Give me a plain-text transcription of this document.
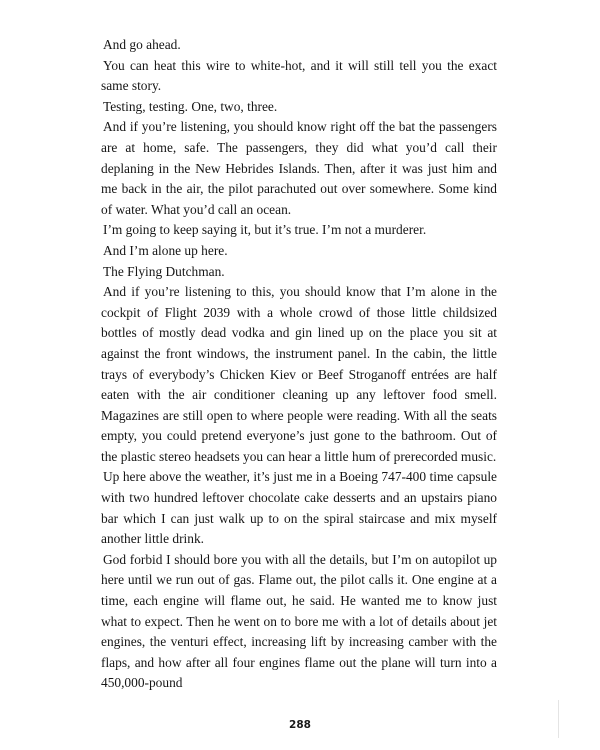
And go ahead.

You can heat this wire to white-hot, and it will still tell you the exact same story.

Testing, testing. One, two, three.

And if you’re listening, you should know right off the bat the passengers are at home, safe. The passengers, they did what you’d call their deplaning in the New Hebrides Islands. Then, after it was just him and me back in the air, the pilot parachuted out over somewhere. Some kind of water. What you’d call an ocean.

I’m going to keep saying it, but it’s true. I’m not a murderer.

And I’m alone up here.

The Flying Dutchman.

And if you’re listening to this, you should know that I’m alone in the cockpit of Flight 2039 with a whole crowd of those little childsized bottles of mostly dead vodka and gin lined up on the place you sit at against the front windows, the instrument panel. In the cabin, the little trays of everybody’s Chicken Kiev or Beef Stroganoff entrées are half eaten with the air conditioner cleaning up any leftover food smell. Magazines are still open to where people were reading. With all the seats empty, you could pretend everyone’s just gone to the bathroom. Out of the plastic stereo headsets you can hear a little hum of prerecorded music.

Up here above the weather, it’s just me in a Boeing 747-400 time capsule with two hundred leftover chocolate cake desserts and an upstairs piano bar which I can just walk up to on the spiral staircase and mix myself another little drink.

God forbid I should bore you with all the details, but I’m on autopilot up here until we run out of gas. Flame out, the pilot calls it. One engine at a time, each engine will flame out, he said. He wanted me to know just what to expect. Then he went on to bore me with a lot of details about jet engines, the venturi effect, increasing lift by increasing camber with the flaps, and how after all four engines flame out the plane will turn into a 450,000-pound

288
